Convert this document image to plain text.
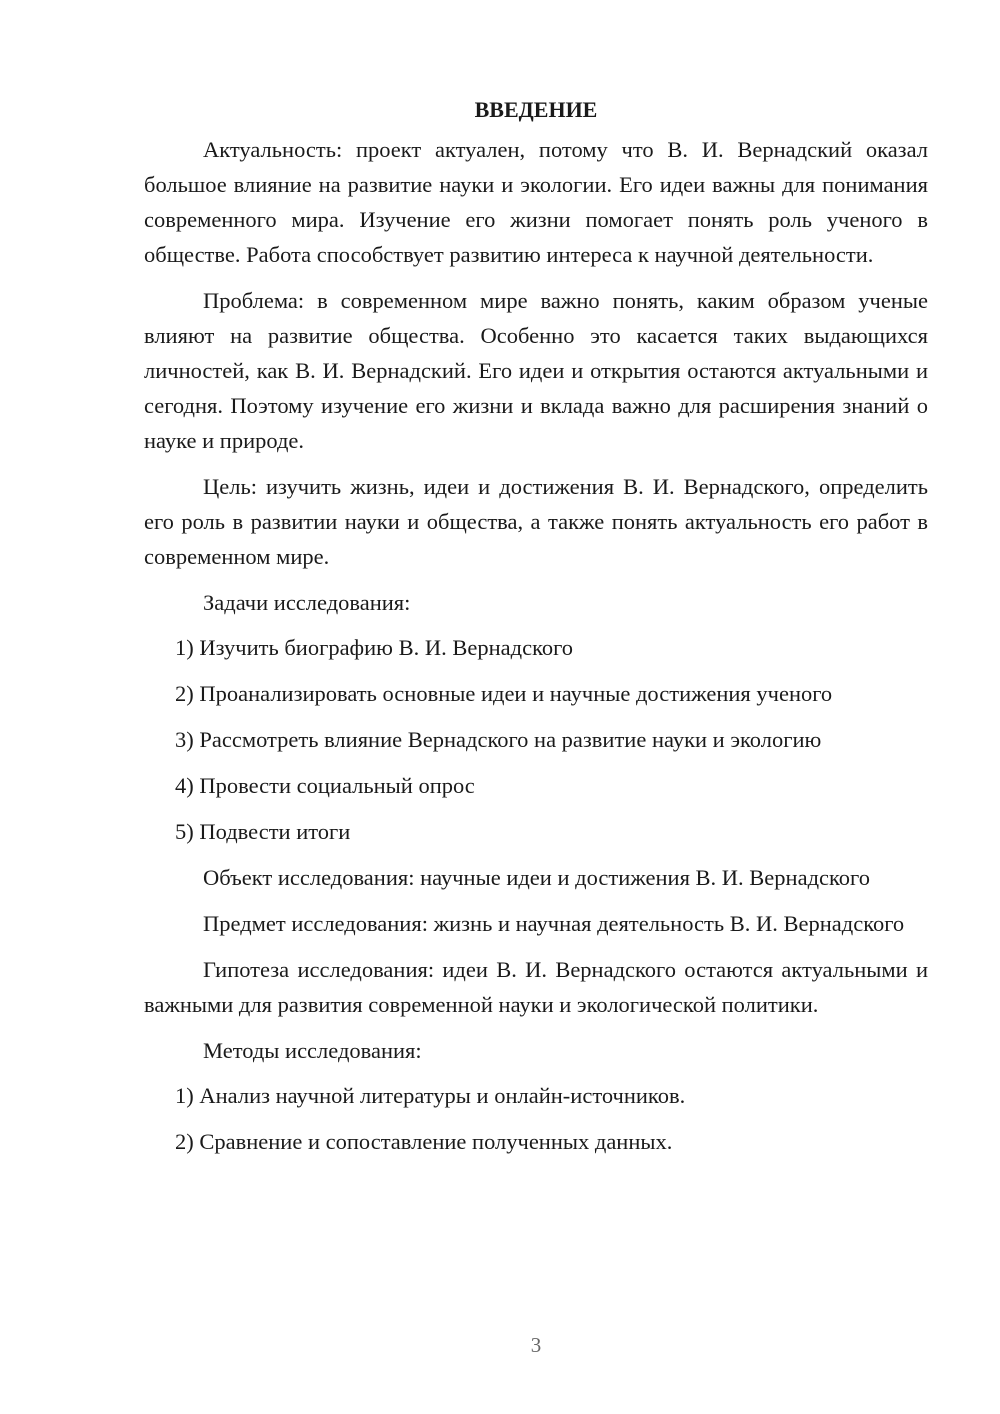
ВВЕДЕНИЕ

Актуальность: проект актуален, потому что В. И. Вернадский оказал большое влияние на развитие науки и экологии. Его идеи важны для понимания современного мира. Изучение его жизни помогает понять роль ученого в обществе. Работа способствует развитию интереса к научной деятельности.

Проблема: в современном мире важно понять, каким образом ученые влияют на развитие общества. Особенно это касается таких выдающихся личностей, как В. И. Вернадский. Его идеи и открытия остаются актуальными и сегодня. Поэтому изучение его жизни и вклада важно для расширения знаний о науке и природе.

Цель: изучить жизнь, идеи и достижения В. И. Вернадского, определить его роль в развитии науки и общества, а также понять актуальность его работ в современном мире.

Задачи исследования:

1) Изучить биографию В. И. Вернадского
2) Проанализировать основные идеи и научные достижения ученого
3) Рассмотреть влияние Вернадского на развитие науки и экологию
4) Провести социальный опрос
5) Подвести итоги

Объект исследования: научные идеи и достижения В. И. Вернадского

Предмет исследования: жизнь и научная деятельность В. И. Вернадского

Гипотеза исследования: идеи В. И. Вернадского остаются актуальными и важными для развития современной науки и экологической политики.

Методы исследования:

1) Анализ научной литературы и онлайн-источников.
2) Сравнение и сопоставление полученных данных.
3
